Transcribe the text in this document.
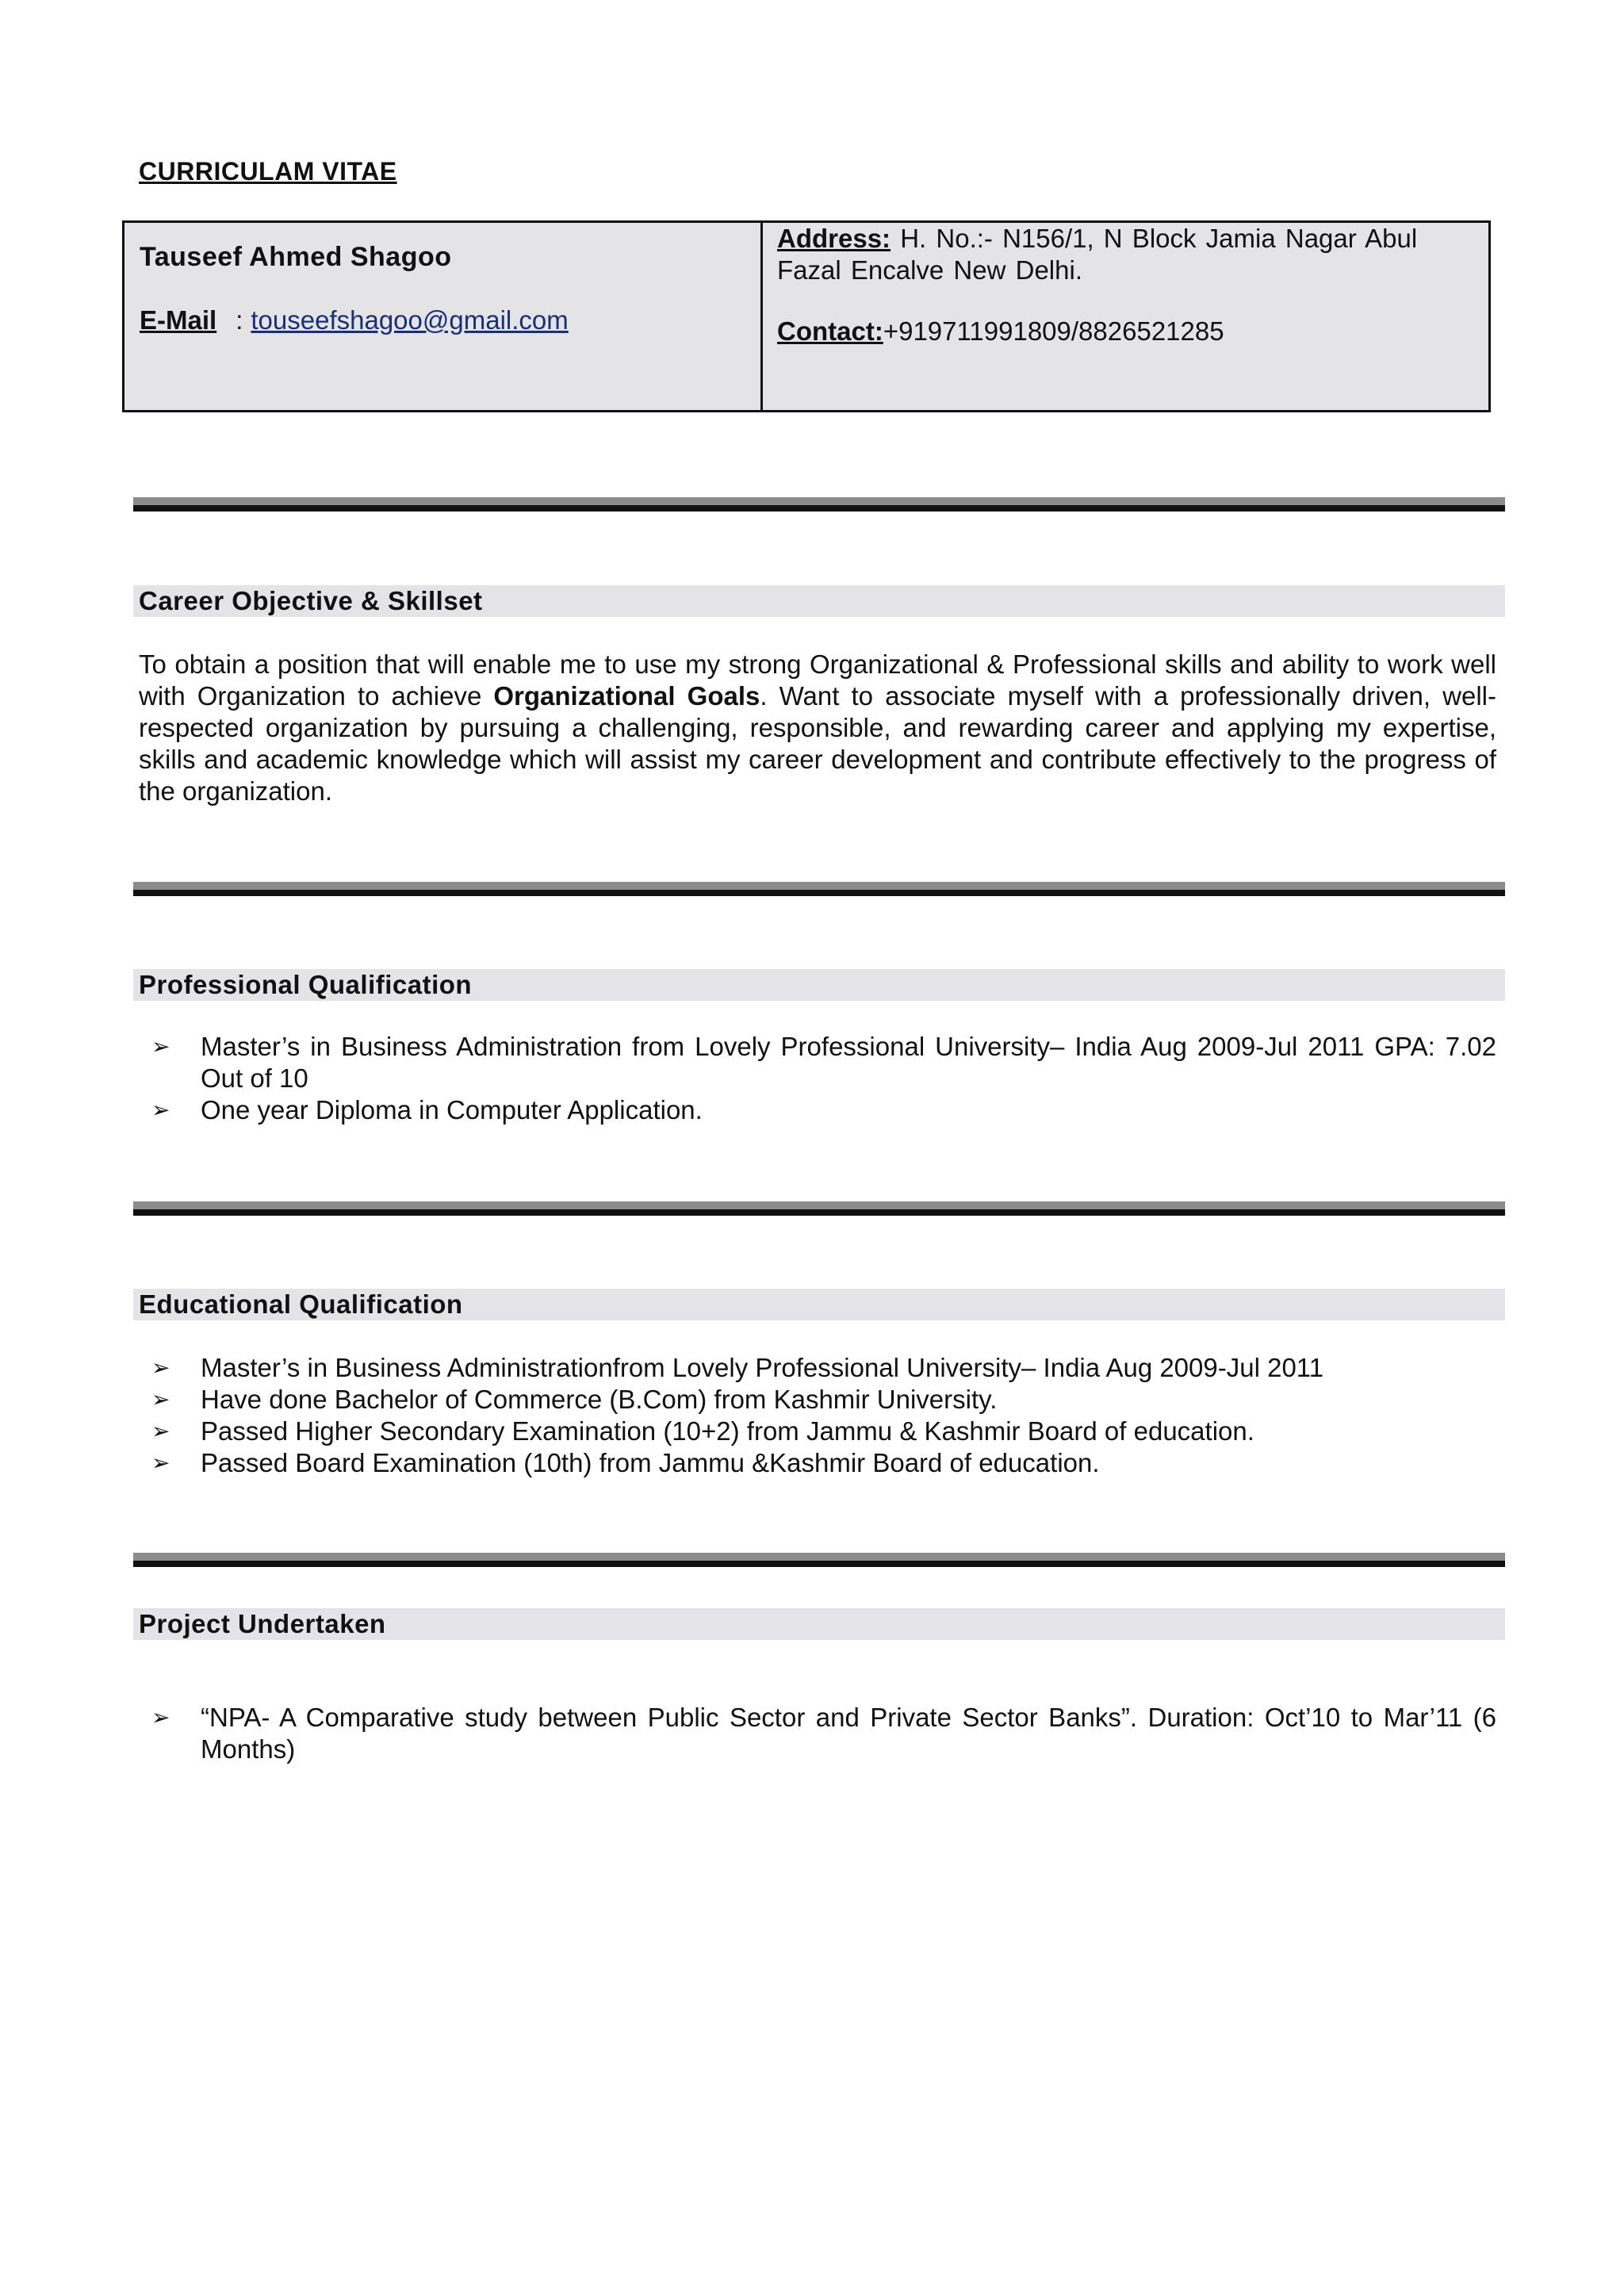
CURRICULAM VITAE
Tauseef Ahmed Shagoo
E-Mail : touseefshagoo@gmail.com
Address: H. No.:- N156/1, N Block Jamia Nagar Abul Fazal Encalve New Delhi.
Contact:+919711991809/8826521285
Career Objective & Skillset
To obtain a position that will enable me to use my strong Organizational & Professional skills and ability to work well with Organization to achieve Organizational Goals. Want to associate myself with a professionally driven, well-respected organization by pursuing a challenging, responsible, and rewarding career and applying my expertise, skills and academic knowledge which will assist my career development and contribute effectively to the progress of the organization.
Professional Qualification
➢ Master’s in Business Administration from Lovely Professional University– India Aug 2009-Jul 2011 GPA: 7.02 Out of 10
➢ One year Diploma in Computer Application.
Educational Qualification
➢ Master’s in Business Administrationfrom Lovely Professional University– India Aug 2009-Jul 2011
➢ Have done Bachelor of Commerce (B.Com) from Kashmir University.
➢ Passed Higher Secondary Examination (10+2) from Jammu & Kashmir Board of education.
➢ Passed Board Examination (10th) from Jammu &Kashmir Board of education.
Project Undertaken
➢ “NPA- A Comparative study between Public Sector and Private Sector Banks”. Duration: Oct’10 to Mar’11 (6 Months)
